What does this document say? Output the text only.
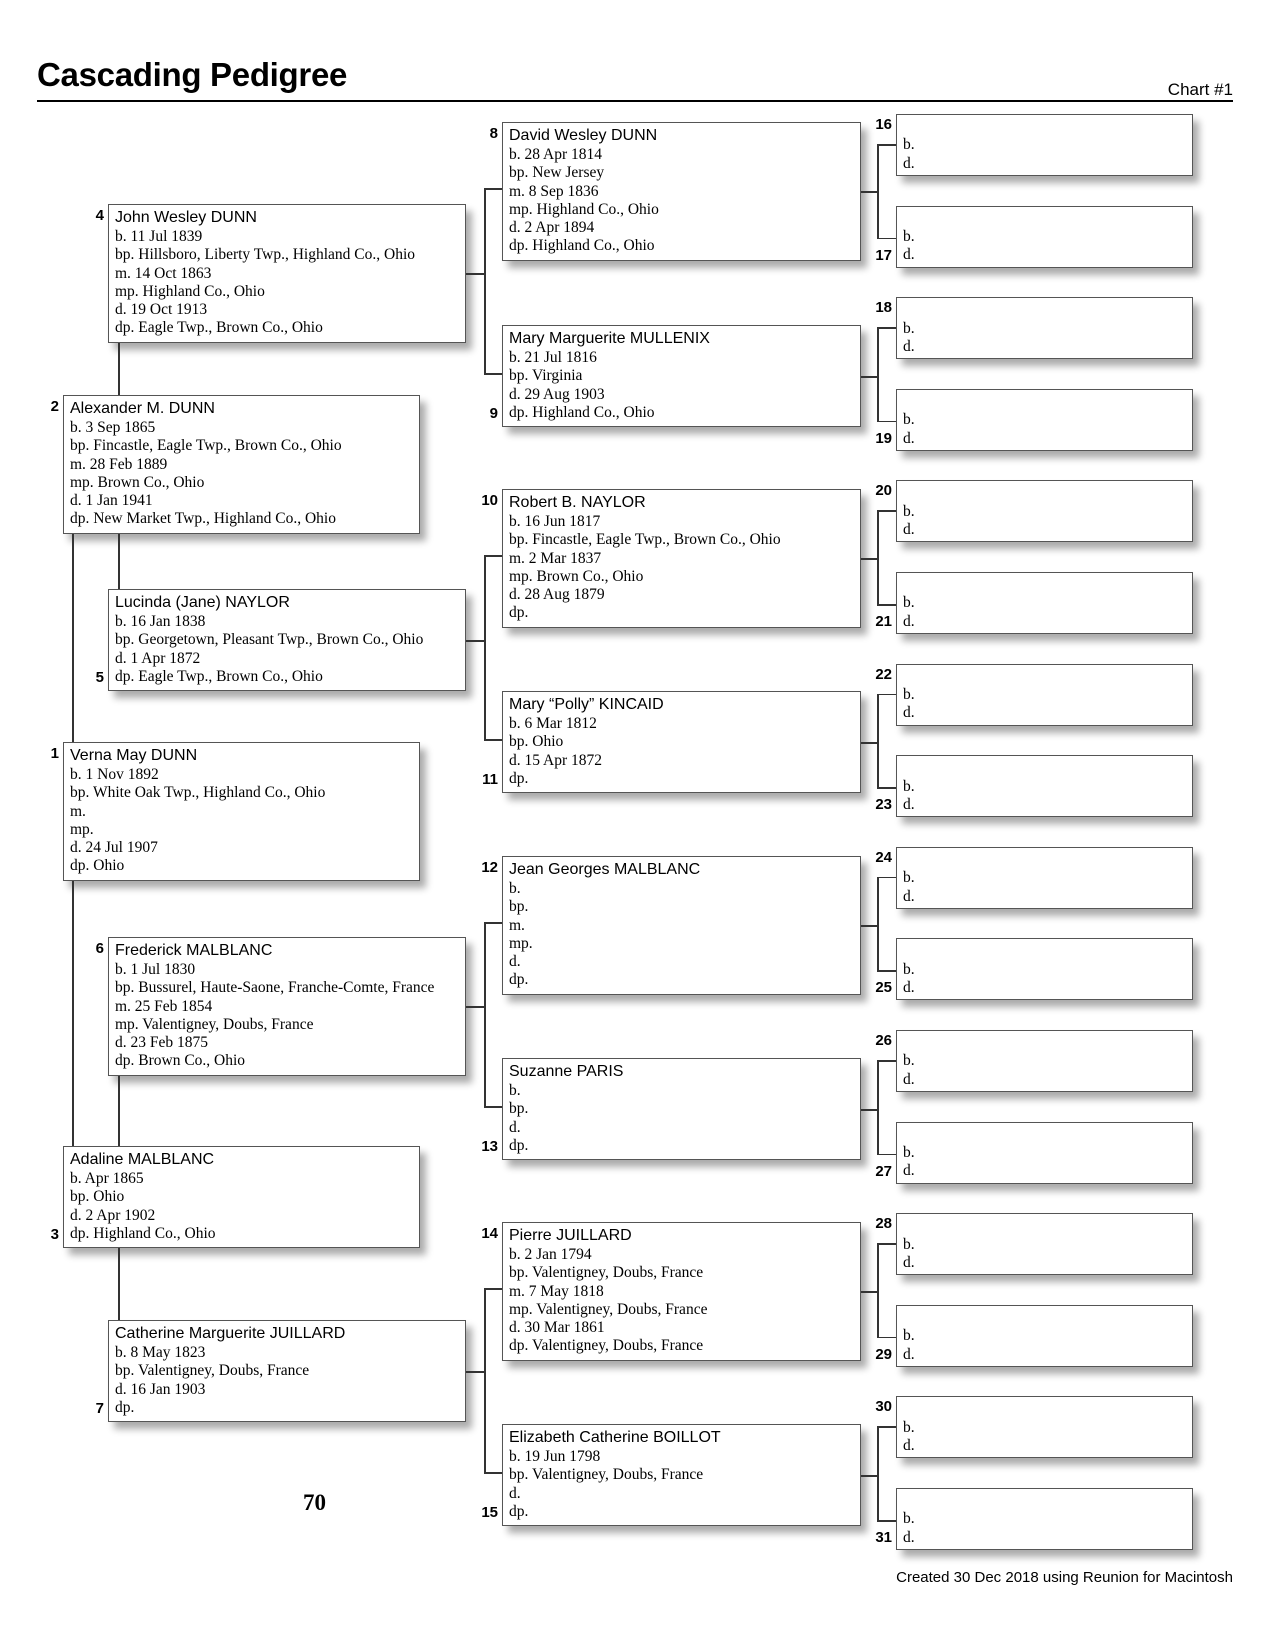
Cascading Pedigree	Chart #1
Verna May DUNN
b. 1 Nov 1892
bp. White Oak Twp., Highland Co., Ohio
m.
mp.
d. 24 Jul 1907
dp. Ohio
1
Alexander M. DUNN
b. 3 Sep 1865
bp. Fincastle, Eagle Twp., Brown Co., Ohio
m. 28 Feb 1889
mp. Brown Co., Ohio
d. 1 Jan 1941
dp. New Market Twp., Highland Co., Ohio
2
Adaline MALBLANC
b. Apr 1865
bp. Ohio
d. 2 Apr 1902
dp. Highland Co., Ohio
3
John Wesley DUNN
b. 11 Jul 1839
bp. Hillsboro, Liberty Twp., Highland Co., Ohio
m. 14 Oct 1863
mp. Highland Co., Ohio
d. 19 Oct 1913
dp. Eagle Twp., Brown Co., Ohio
4
Lucinda (Jane) NAYLOR
b. 16 Jan 1838
bp. Georgetown, Pleasant Twp., Brown Co., Ohio
d. 1 Apr 1872
dp. Eagle Twp., Brown Co., Ohio
5
Frederick MALBLANC
b. 1 Jul 1830
bp. Bussurel, Haute-Saone, Franche-Comte, France
m. 25 Feb 1854
mp. Valentigney, Doubs, France
d. 23 Feb 1875
dp. Brown Co., Ohio
6
Catherine Marguerite JUILLARD
b. 8 May 1823
bp. Valentigney, Doubs, France
d. 16 Jan 1903
dp.
7
David Wesley DUNN
b. 28 Apr 1814
bp. New Jersey
m. 8 Sep 1836
mp. Highland Co., Ohio
d. 2 Apr 1894
dp. Highland Co., Ohio
8
Mary Marguerite MULLENIX
b. 21 Jul 1816
bp. Virginia
d. 29 Aug 1903
dp. Highland Co., Ohio
9
Robert B. NAYLOR
b. 16 Jun 1817
bp. Fincastle, Eagle Twp., Brown Co., Ohio
m. 2 Mar 1837
mp. Brown Co., Ohio
d. 28 Aug 1879
dp.
10
Mary “Polly” KINCAID
b. 6 Mar 1812
bp. Ohio
d. 15 Apr 1872
dp.
11
Jean Georges MALBLANC
b.
bp.
m.
mp.
d.
dp.
12
Suzanne PARIS
b.
bp.
d.
dp.
13
Pierre JUILLARD
b. 2 Jan 1794
bp. Valentigney, Doubs, France
m. 7 May 1818
mp. Valentigney, Doubs, France
d. 30 Mar 1861
dp. Valentigney, Doubs, France
14
Elizabeth Catherine BOILLOT
b. 19 Jun 1798
bp. Valentigney, Doubs, France
d.
dp.
15
b.
d.
16
b.
d.
17
b.
d.
18
b.
d.
19
b.
d.
20
b.
d.
21
b.
d.
22
b.
d.
23
b.
d.
24
b.
d.
25
b.
d.
26
b.
d.
27
b.
d.
28
b.
d.
29
b.
d.
30
b.
d.
31
70
Created 30 Dec 2018 using Reunion for Macintosh
